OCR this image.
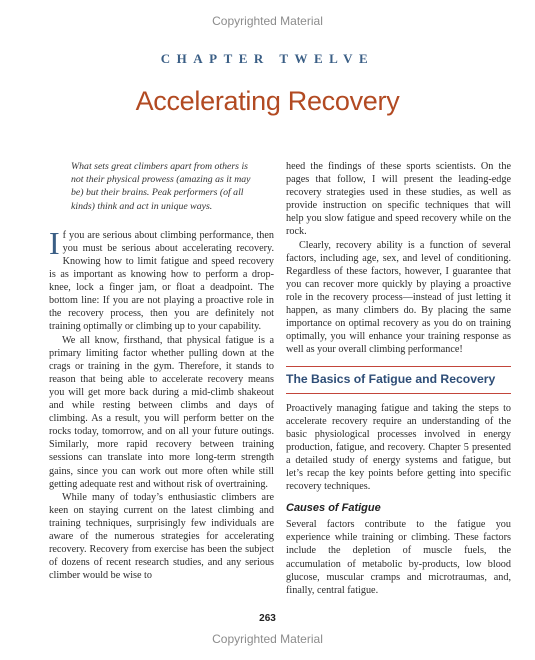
Copyrighted Material
CHAPTER TWELVE
Accelerating Recovery

What sets great climbers apart from others is not their physical prowess (amazing as it may be) but their brains. Peak performers (of all kinds) think and act in unique ways.

If you are serious about climbing performance, then you must be serious about accelerating recovery. Knowing how to limit fatigue and speed recovery is as important as knowing how to perform a drop-knee, lock a finger jam, or float a deadpoint. The bottom line: If you are not playing a proactive role in the recovery process, then you are definitely not training optimally or climbing up to your capability.

We all know, firsthand, that physical fatigue is a primary limiting factor whether pulling down at the crags or training in the gym. Therefore, it stands to reason that being able to accelerate recovery means you will get more back during a mid-climb shakeout and while resting between climbs and days of climbing. As a result, you will perform better on the rocks today, tomorrow, and on all your future outings. Similarly, more rapid recovery between training sessions can translate into more long-term strength gains, since you can work out more often while still getting adequate rest and without risk of overtraining.

While many of today’s enthusiastic climbers are keen on staying current on the latest climbing and training techniques, surprisingly few individuals are aware of the numerous strategies for accelerating recovery. Recovery from exercise has been the subject of dozens of recent research studies, and any serious climber would be wise to

heed the findings of these sports scientists. On the pages that follow, I will present the leading-edge recovery strategies used in these studies, as well as provide instruction on specific techniques that will help you slow fatigue and speed recovery while on the rock.

Clearly, recovery ability is a function of several factors, including age, sex, and level of conditioning. Regardless of these factors, however, I guarantee that you can recover more quickly by playing a proactive role in the recovery process—instead of just letting it happen, as many climbers do. By placing the same importance on optimal recovery as you do on training optimally, you will enhance your training response as well as your overall climbing performance!

The Basics of Fatigue and Recovery

Proactively managing fatigue and taking the steps to accelerate recovery require an understanding of the basic physiological processes involved in energy production, fatigue, and recovery. Chapter 5 presented a detailed study of energy systems and fatigue, but let’s recap the key points before getting into specific recovery techniques.

Causes of Fatigue

Several factors contribute to the fatigue you experience while training or climbing. These factors include the depletion of muscle fuels, the accumulation of metabolic by-products, low blood glucose, muscular cramps and microtraumas, and, finally, central fatigue.

263
Copyrighted Material
